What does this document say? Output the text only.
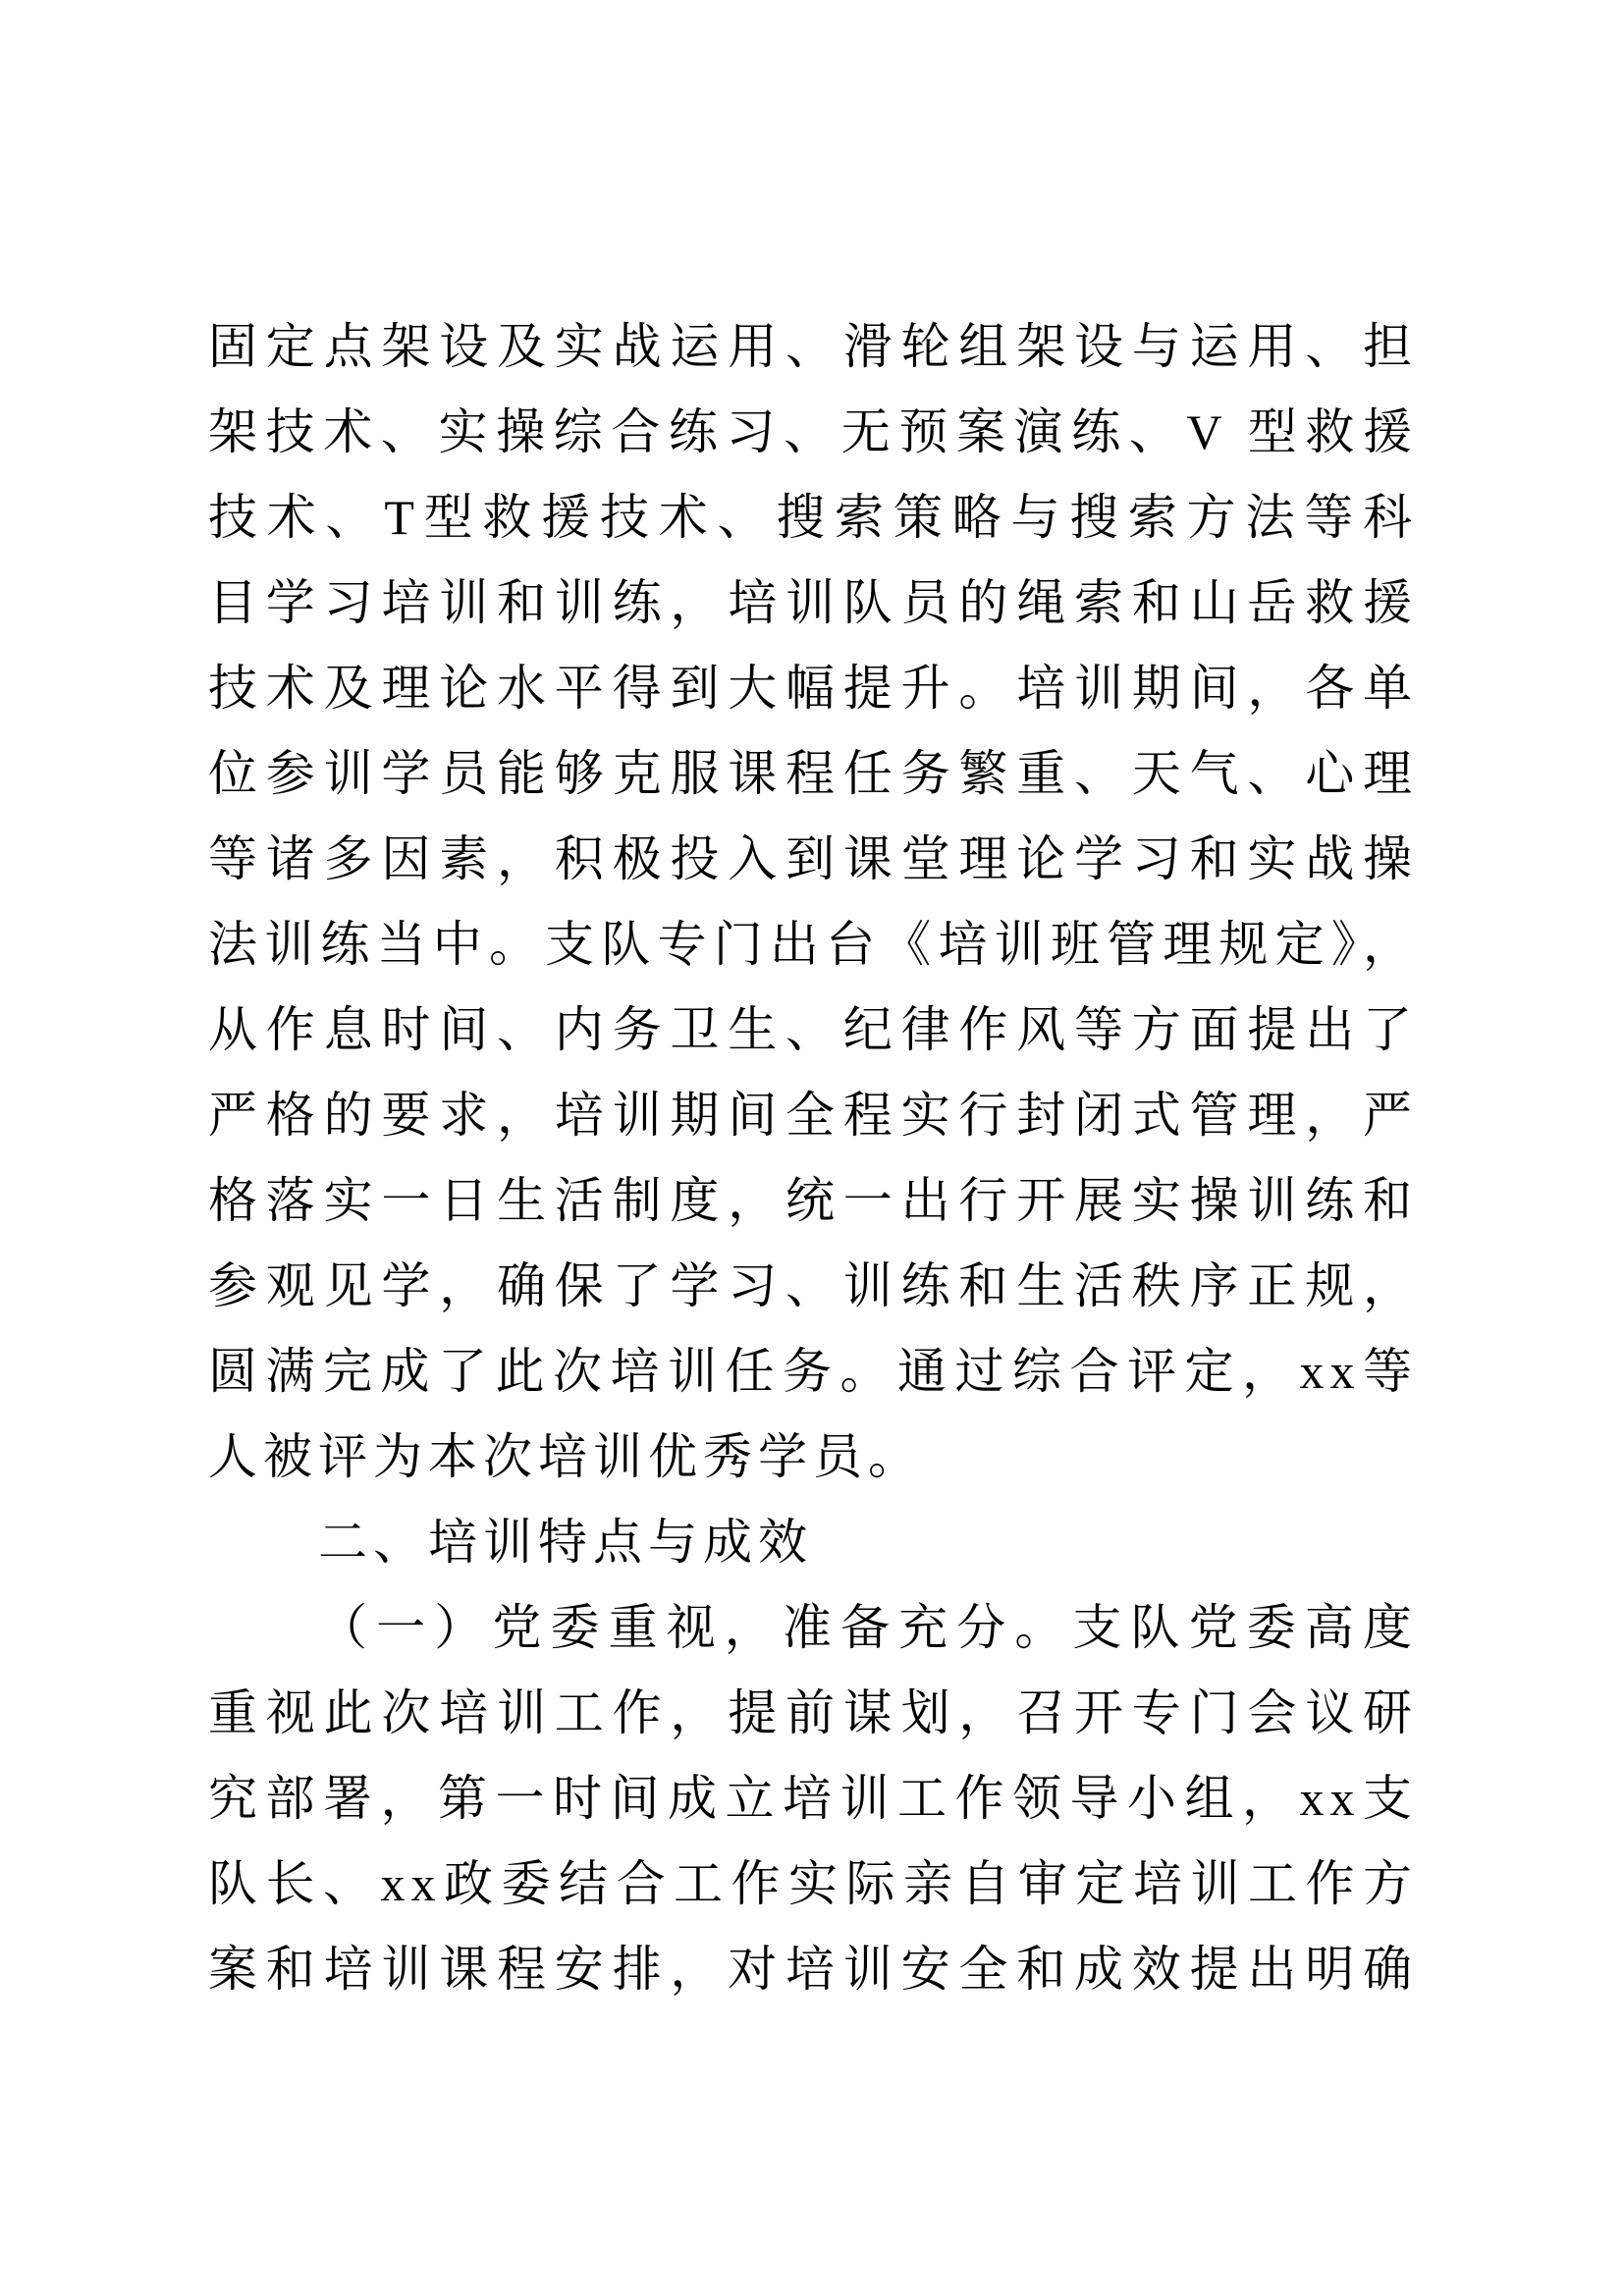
固定点架设及实战运用、滑轮组架设与运用、担
架技术、实操综合练习、无预案演练、V 型救援
技术、T型救援技术、搜索策略与搜索方法等科
目学习培训和训练，培训队员的绳索和山岳救援
技术及理论水平得到大幅提升。培训期间，各单
位参训学员能够克服课程任务繁重、天气、心理
等诸多因素，积极投入到课堂理论学习和实战操
法训练当中。支队专门出台《培训班管理规定》，
从作息时间、内务卫生、纪律作风等方面提出了
严格的要求，培训期间全程实行封闭式管理，严
格落实一日生活制度，统一出行开展实操训练和
参观见学，确保了学习、训练和生活秩序正规，
圆满完成了此次培训任务。通过综合评定，xx等
人被评为本次培训优秀学员。
二、培训特点与成效
（一）党委重视，准备充分。支队党委高度
重视此次培训工作，提前谋划，召开专门会议研
究部署，第一时间成立培训工作领导小组，xx支
队长、xx政委结合工作实际亲自审定培训工作方
案和培训课程安排，对培训安全和成效提出明确
